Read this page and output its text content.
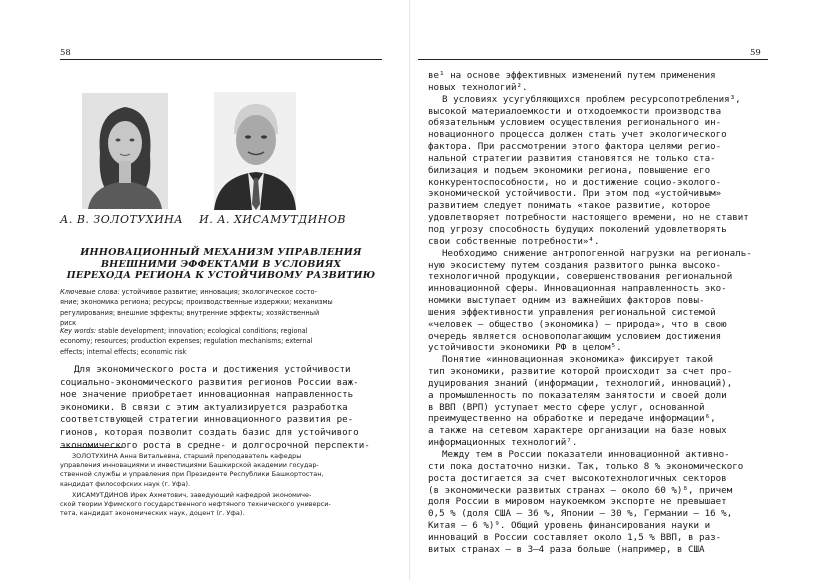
58
А. В. ЗОЛОТУХИНА И. А. ХИСАМУТДИНОВ
ИННОВАЦИОННЫЙ МЕХАНИЗМ УПРАВЛЕНИЯ
ВНЕШНИМИ ЭФФЕКТАМИ В УСЛОВИЯХ
ПЕРЕХОДА РЕГИОНА К УСТОЙЧИВОМУ РАЗВИТИЮ
Ключевые слова: устойчивое развитие; инновация; экологическое состо-
яние; экономика региона; ресурсы; производственные издержки; механизмы
регулирования; внешние эффекты; внутренние эффекты; хозяйственный
риск
Key words: stable development; innovation; ecological conditions; regional
economy; resources; production expenses; regulation mechanisms; external
effects; internal effects; economic risk
Для экономического роста и достижения устойчивости
социально-экономического развития регионов России важ-
ное значение приобретает инновационная направленность
экономики. В связи с этим актуализируется разработка
соответствующей стратегии инновационного развития ре-
гионов, которая позволит создать базис для устойчивого
экономического роста в средне- и долгосрочной перспекти-
ЗОЛОТУХИНА Анна Витальевна, старший преподаватель кафедры
управления инновациями и инвестициями Башкирской академии государ-
ственной службы и управления при Президенте Республики Башкортостан,
кандидат философских наук (г. Уфа).
ХИСАМУТДИНОВ Ирек Ахметович, заведующий кафедрой экономиче-
ской теории Уфимского государственного нефтяного технического универси-
тета, кандидат экономических наук, доцент (г. Уфа).
59
ве¹ на основе эффективных изменений путем применения
новых технологий².
В условиях усугубляющихся проблем ресурсопотребления³,
высокой материалоемкости и отходоемкости производства
обязательным условием осуществления регионального ин-
новационного процесса должен стать учет экологического
фактора. При рассмотрении этого фактора целями регио-
нальной стратегии развития становятся не только ста-
билизация и подъем экономики региона, повышение его
конкурентоспособности, но и достижение социо-эколого-
экономической устойчивости. При этом под «устойчивым»
развитием следует понимать «такое развитие, которое
удовлетворяет потребности настоящего времени, но не ставит
под угрозу способность будущих поколений удовлетворять
свои собственные потребности»⁴.
Необходимо снижение антропогенной нагрузки на региональ-
ную экосистему путем создания развитого рынка высоко-
технологичной продукции, совершенствования региональной
инновационной сферы. Инновационная направленность эко-
номики выступает одним из важнейших факторов повы-
шения эффективности управления региональной системой
«человек — общество (экономика) — природа», что в свою
очередь является основополагающим условием достижения
устойчивости экономики РФ в целом⁵.
Понятие «инновационная экономика» фиксирует такой
тип экономики, развитие которой происходит за счет про-
дуцирования знаний (информации, технологий, инноваций),
а промышленность по показателям занятости и своей доли
в ВВП (ВРП) уступает место сфере услуг, основанной
преимущественно на обработке и передаче информации⁶,
а также на сетевом характере организации на базе новых
информационных технологий⁷.
Между тем в России показатели инновационной активно-
сти пока достаточно низки. Так, только 8 % экономического
роста достигается за счет высокотехнологичных секторов
(в экономически развитых странах — около 60 %)⁸, причем
доля России в мировом наукоемком экспорте не превышает
0,5 % (доля США — 36 %, Японии — 30 %, Германии — 16 %,
Китая — 6 %)⁹. Общий уровень финансирования науки и
инноваций в России составляет около 1,5 % ВВП, в раз-
витых странах — в 3—4 раза больше (например, в США
